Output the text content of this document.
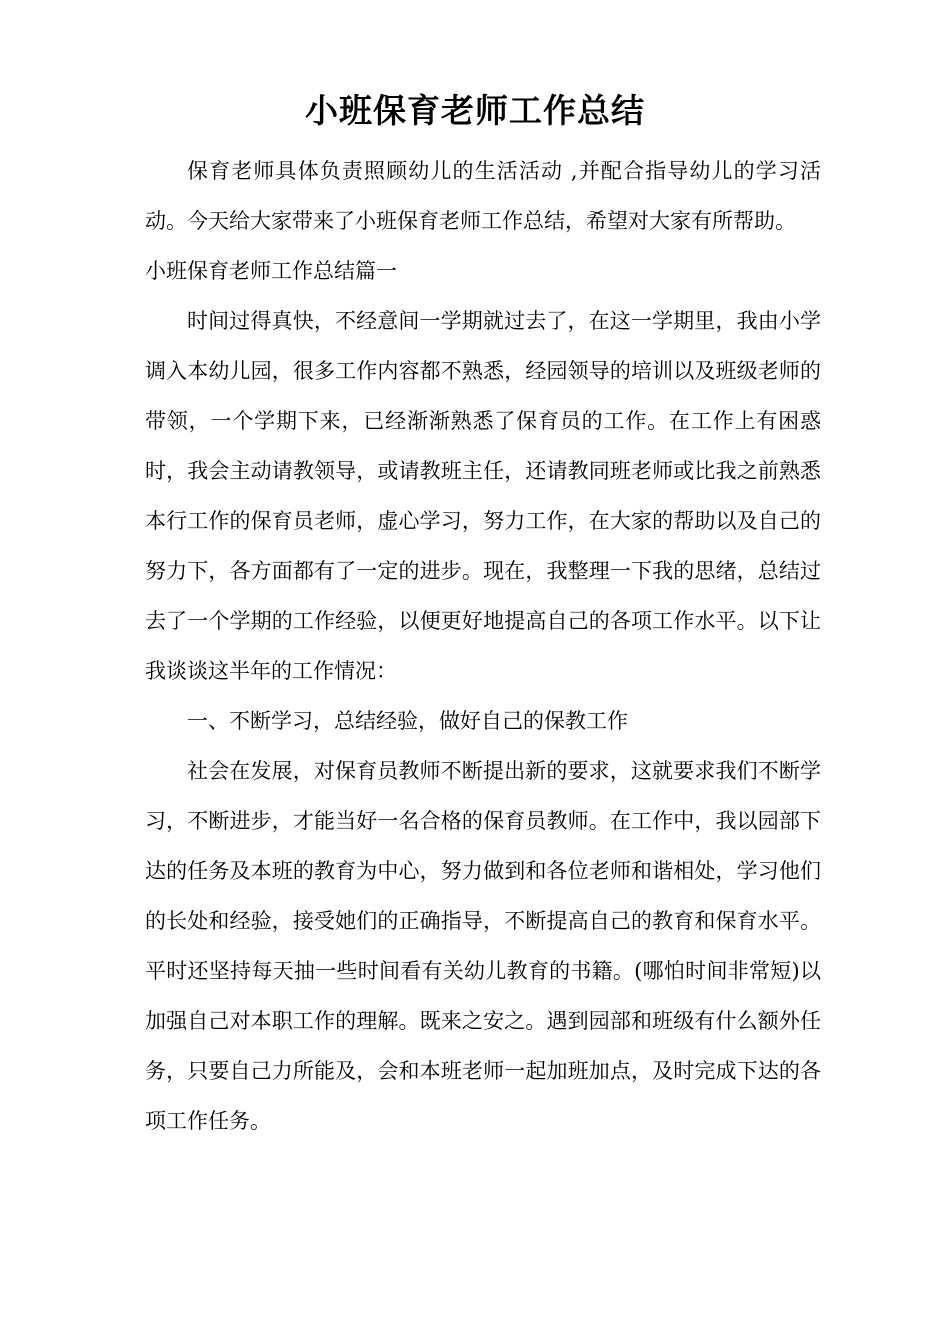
小班保育老师工作总结

保育老师具体负责照顾幼儿的生活活动 ,并配合指导幼儿的学习活动。今天给大家带来了小班保育老师工作总结，希望对大家有所帮助。

小班保育老师工作总结篇一

时间过得真快，不经意间一学期就过去了，在这一学期里，我由小学调入本幼儿园，很多工作内容都不熟悉，经园领导的培训以及班级老师的带领，一个学期下来，已经渐渐熟悉了保育员的工作。在工作上有困惑时，我会主动请教领导，或请教班主任，还请教同班老师或比我之前熟悉本行工作的保育员老师，虚心学习，努力工作，在大家的帮助以及自己的努力下，各方面都有了一定的进步。现在，我整理一下我的思绪，总结过去了一个学期的工作经验，以便更好地提高自己的各项工作水平。以下让我谈谈这半年的工作情况：

一、不断学习，总结经验，做好自己的保教工作

社会在发展，对保育员教师不断提出新的要求，这就要求我们不断学习，不断进步，才能当好一名合格的保育员教师。在工作中，我以园部下达的任务及本班的教育为中心，努力做到和各位老师和谐相处，学习他们的长处和经验，接受她们的正确指导，不断提高自己的教育和保育水平。平时还坚持每天抽一些时间看有关幼儿教育的书籍。(哪怕时间非常短)以加强自己对本职工作的理解。既来之安之。遇到园部和班级有什么额外任务，只要自己力所能及，会和本班老师一起加班加点，及时完成下达的各项工作任务。
